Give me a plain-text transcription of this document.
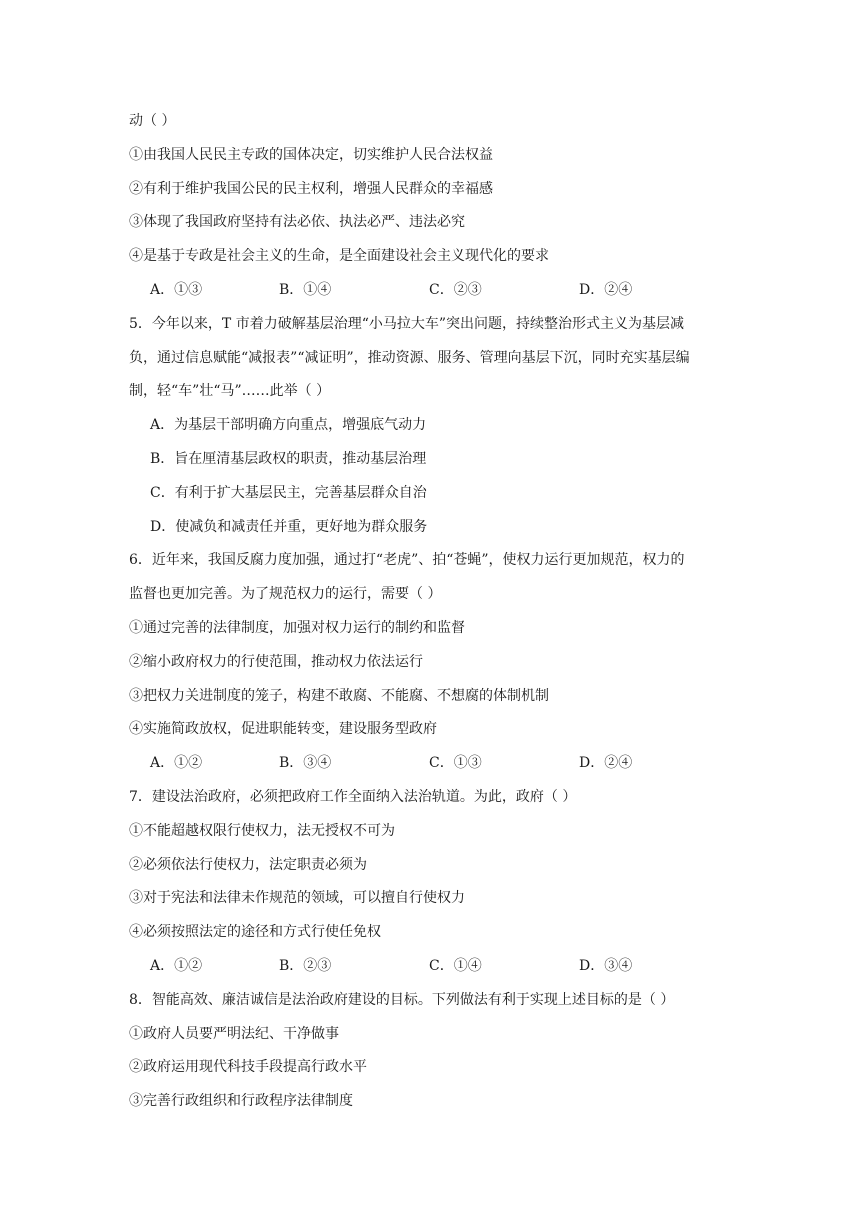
动（ ）
①由我国人民民主专政的国体决定，切实维护人民合法权益
②有利于维护我国公民的民主权利，增强人民群众的幸福感
③体现了我国政府坚持有法必依、执法必严、违法必究
④是基于专政是社会主义的生命，是全面建设社会主义现代化的要求
A．①③	B．①④	C．②③	D．②④
5．今年以来，T 市着力破解基层治理“小马拉大车”突出问题，持续整治形式主义为基层减
负，通过信息赋能“减报表”“减证明”，推动资源、服务、管理向基层下沉，同时充实基层编
制，轻“车”壮“马”……此举（ ）
A．为基层干部明确方向重点，增强底气动力
B．旨在厘清基层政权的职责，推动基层治理
C．有利于扩大基层民主，完善基层群众自治
D．使减负和减责任并重，更好地为群众服务
6．近年来，我国反腐力度加强，通过打“老虎”、拍“苍蝇”，使权力运行更加规范，权力的
监督也更加完善。为了规范权力的运行，需要（ ）
①通过完善的法律制度，加强对权力运行的制约和监督
②缩小政府权力的行使范围，推动权力依法运行
③把权力关进制度的笼子，构建不敢腐、不能腐、不想腐的体制机制
④实施简政放权，促进职能转变，建设服务型政府
A．①②	B．③④	C．①③	D．②④
7．建设法治政府，必须把政府工作全面纳入法治轨道。为此，政府（ ）
①不能超越权限行使权力，法无授权不可为
②必须依法行使权力，法定职责必须为
③对于宪法和法律未作规范的领域，可以擅自行使权力
④必须按照法定的途径和方式行使任免权
A．①②	B．②③	C．①④	D．③④
8．智能高效、廉洁诚信是法治政府建设的目标。下列做法有利于实现上述目标的是（ ）
①政府人员要严明法纪、干净做事
②政府运用现代科技手段提高行政水平
③完善行政组织和行政程序法律制度
